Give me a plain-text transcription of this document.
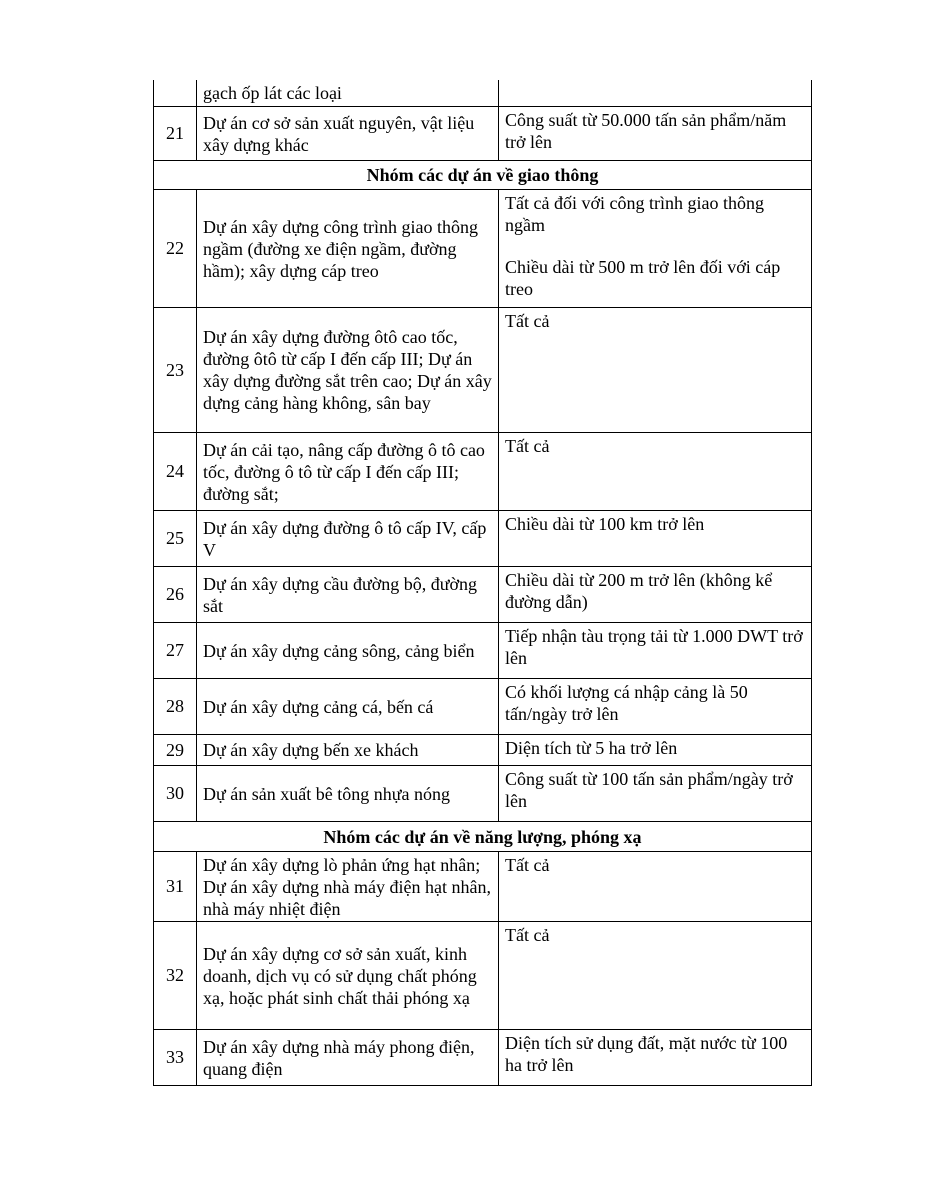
	gạch ốp lát các loại	

21	Dự án cơ sở sản xuất nguyên, vật liệu xây dựng khác	Công suất từ 50.000 tấn sản phẩm/năm trở lên

Nhóm các dự án về giao thông		
22	Dự án xây dựng công trình giao thông ngầm (đường xe điện ngầm, đường hầm); xây dựng cáp treo	Tất cả đối với công trình giao thông ngầm

Chiều dài từ 500 m trở lên đối với cáp treo

23	Dự án xây dựng đường ôtô cao tốc, đường ôtô từ cấp I đến cấp III; Dự án xây dựng đường sắt trên cao; Dự án xây dựng cảng hàng không, sân bay	Tất cả

24	Dự án cải tạo, nâng cấp đường ô tô cao tốc, đường ô tô từ cấp I đến cấp III; đường sắt;	Tất cả

25	Dự án xây dựng đường ô tô cấp IV, cấp V	Chiều dài từ 100 km trở lên

26	Dự án xây dựng cầu đường bộ, đường sắt	Chiều dài từ 200 m trở lên (không kể đường dẫn)

27	Dự án xây dựng cảng sông, cảng biển	Tiếp nhận tàu trọng tải từ 1.000 DWT trở lên

28	Dự án xây dựng cảng cá, bến cá	Có khối lượng cá nhập cảng là 50 tấn/ngày trở lên

29	Dự án xây dựng bến xe khách	Diện tích từ 5 ha trở lên

30	Dự án sản xuất bê tông nhựa nóng	Công suất từ 100 tấn sản phẩm/ngày trở lên

Nhóm các dự án về năng lượng, phóng xạ		
31	Dự án xây dựng lò phản ứng hạt nhân; Dự án xây dựng nhà máy điện hạt nhân, nhà máy nhiệt điện	Tất cả

32	Dự án xây dựng cơ sở sản xuất, kinh doanh, dịch vụ có sử dụng chất phóng xạ, hoặc phát sinh chất thải phóng xạ	Tất cả

33	Dự án xây dựng nhà máy phong điện, quang điện	Diện tích sử dụng đất, mặt nước từ 100 ha trở lên
